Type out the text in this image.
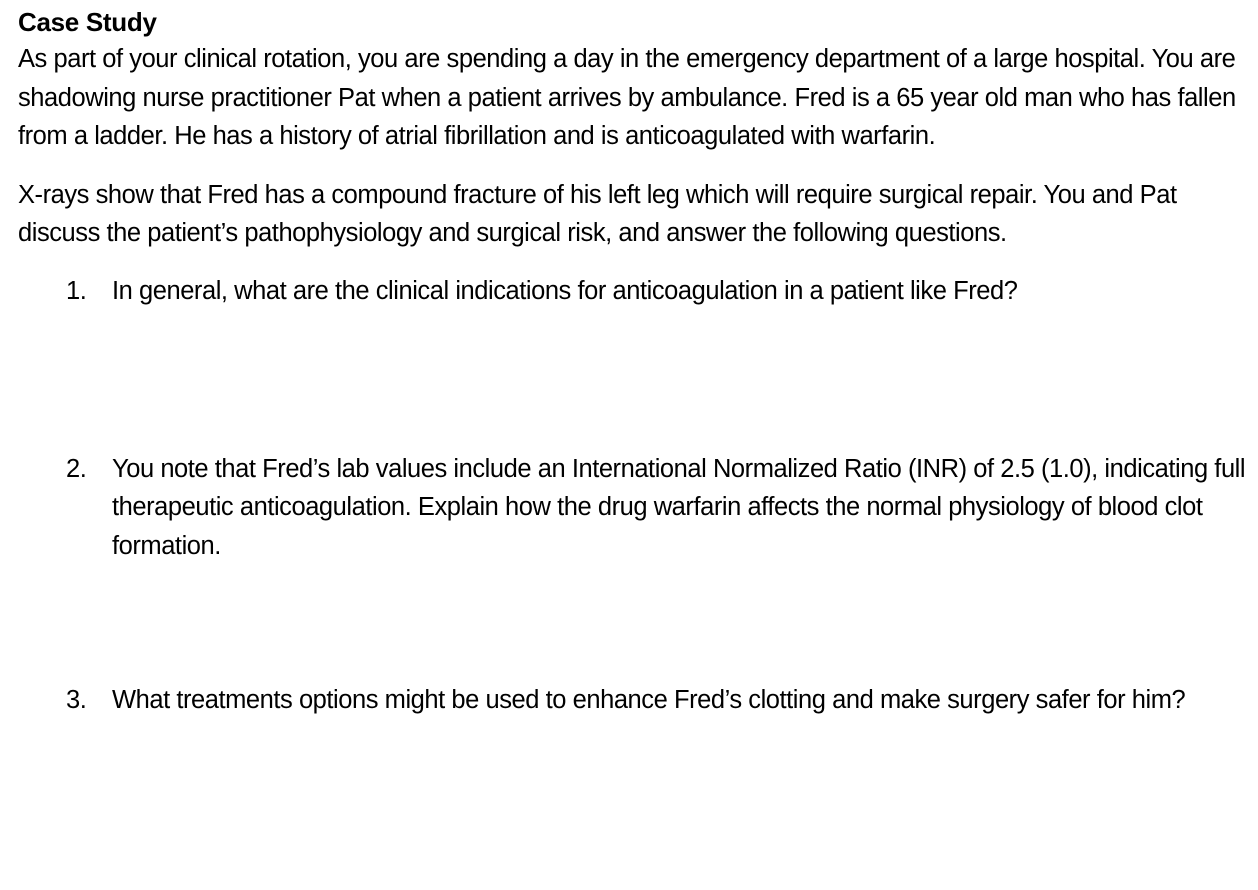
Case Study

As part of your clinical rotation, you are spending a day in the emergency department of a large hospital. You are shadowing nurse practitioner Pat when a patient arrives by ambulance. Fred is a 65 year old man who has fallen from a ladder. He has a history of atrial fibrillation and is anticoagulated with warfarin.

X-rays show that Fred has a compound fracture of his left leg which will require surgical repair. You and Pat discuss the patient’s pathophysiology and surgical risk, and answer the following questions.

1. In general, what are the clinical indications for anticoagulation in a patient like Fred?
2. You note that Fred’s lab values include an International Normalized Ratio (INR) of 2.5 (1.0), indicating full therapeutic anticoagulation. Explain how the drug warfarin affects the normal physiology of blood clot formation.
3. What treatments options might be used to enhance Fred’s clotting and make surgery safer for him?
